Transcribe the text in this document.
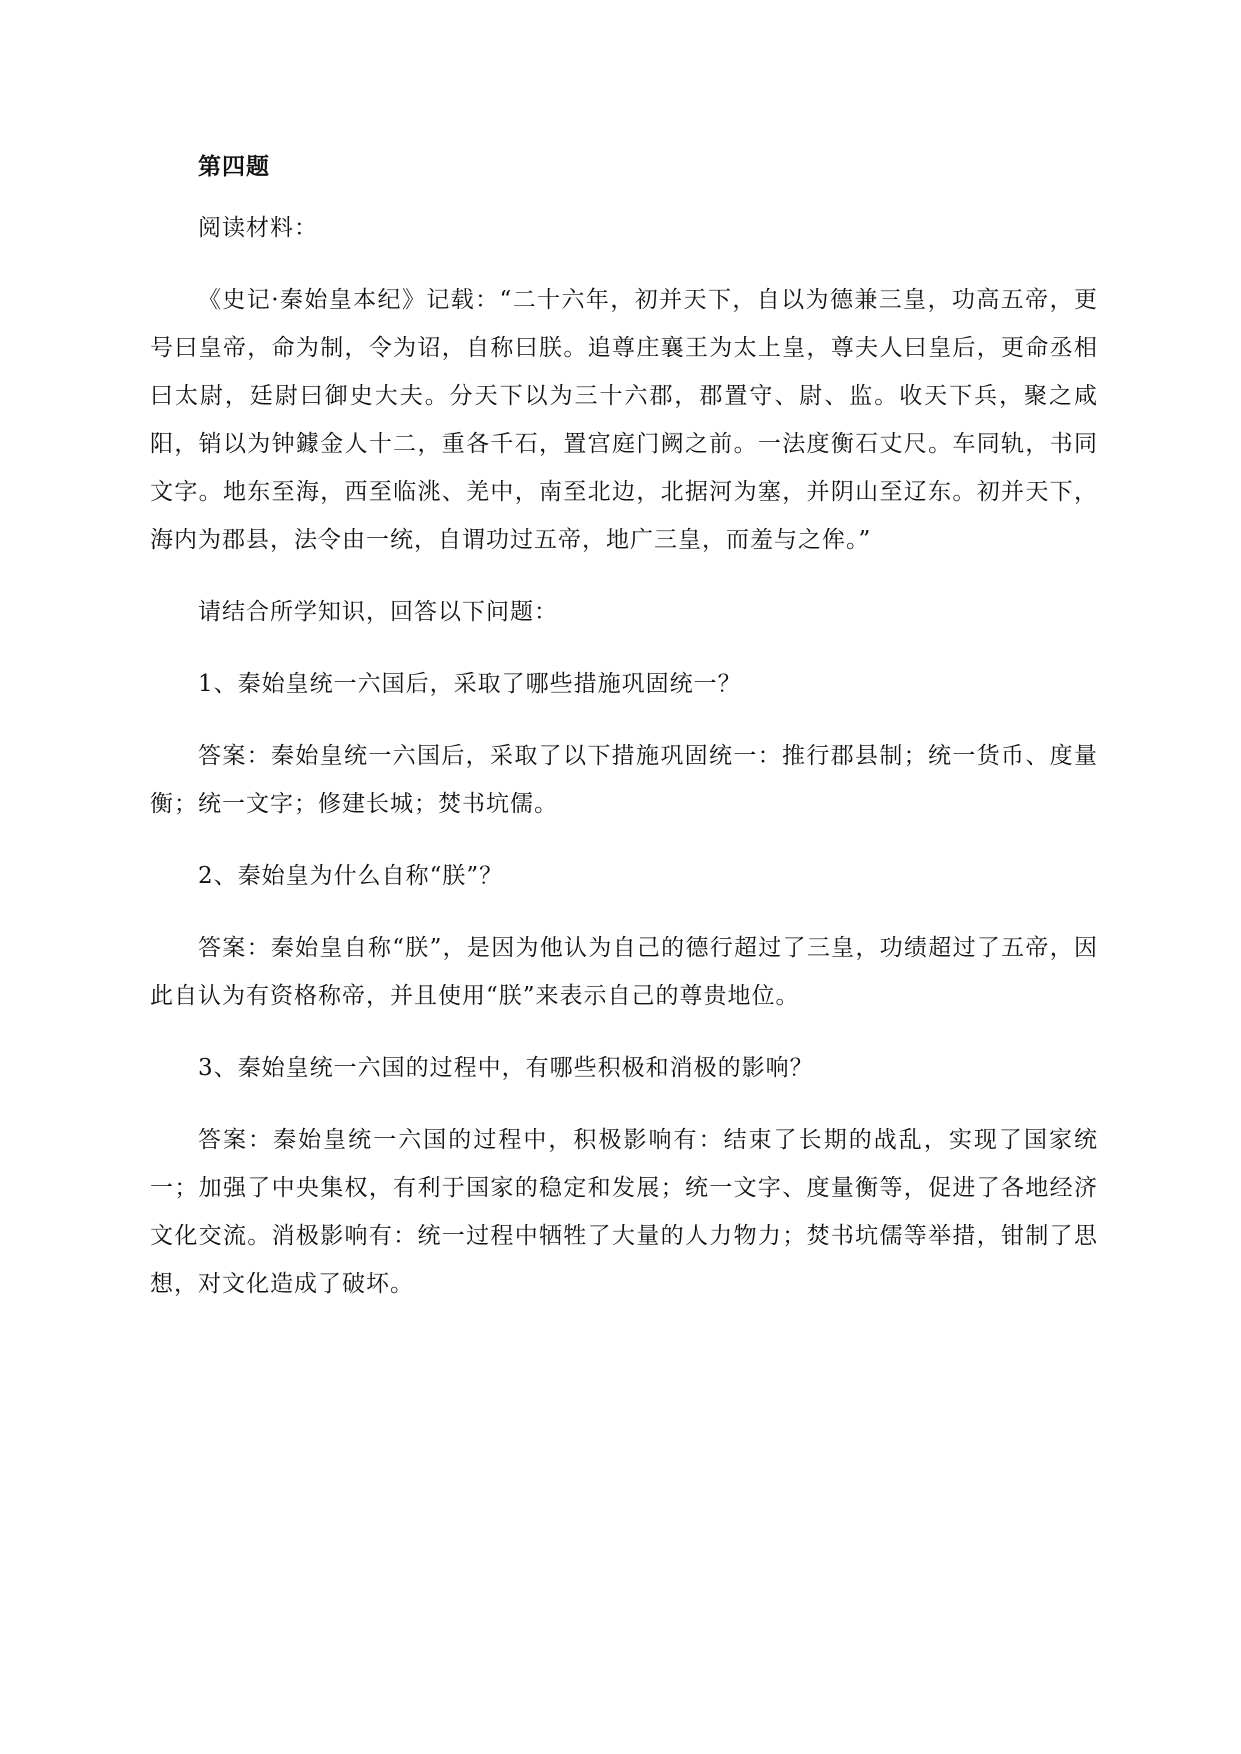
第四题

阅读材料：

《史记·秦始皇本纪》记载：“二十六年，初并天下，自以为德兼三皇，功高五帝，更号曰皇帝，命为制，令为诏，自称曰朕。追尊庄襄王为太上皇，尊夫人曰皇后，更命丞相曰太尉，廷尉曰御史大夫。分天下以为三十六郡，郡置守、尉、监。收天下兵，聚之咸阳，销以为钟鐻金人十二，重各千石，置宫庭门阙之前。一法度衡石丈尺。车同轨，书同文字。地东至海，西至临洮、羌中，南至北边，北据河为塞，并阴山至辽东。初并天下，海内为郡县，法令由一统，自谓功过五帝，地广三皇，而羞与之侔。”

请结合所学知识，回答以下问题：

1、秦始皇统一六国后，采取了哪些措施巩固统一？

答案：秦始皇统一六国后，采取了以下措施巩固统一：推行郡县制；统一货币、度量衡；统一文字；修建长城；焚书坑儒。

2、秦始皇为什么自称“朕”？

答案：秦始皇自称“朕”，是因为他认为自己的德行超过了三皇，功绩超过了五帝，因此自认为有资格称帝，并且使用“朕”来表示自己的尊贵地位。

3、秦始皇统一六国的过程中，有哪些积极和消极的影响？

答案：秦始皇统一六国的过程中，积极影响有：结束了长期的战乱，实现了国家统一；加强了中央集权，有利于国家的稳定和发展；统一文字、度量衡等，促进了各地经济文化交流。消极影响有：统一过程中牺牲了大量的人力物力；焚书坑儒等举措，钳制了思想，对文化造成了破坏。
